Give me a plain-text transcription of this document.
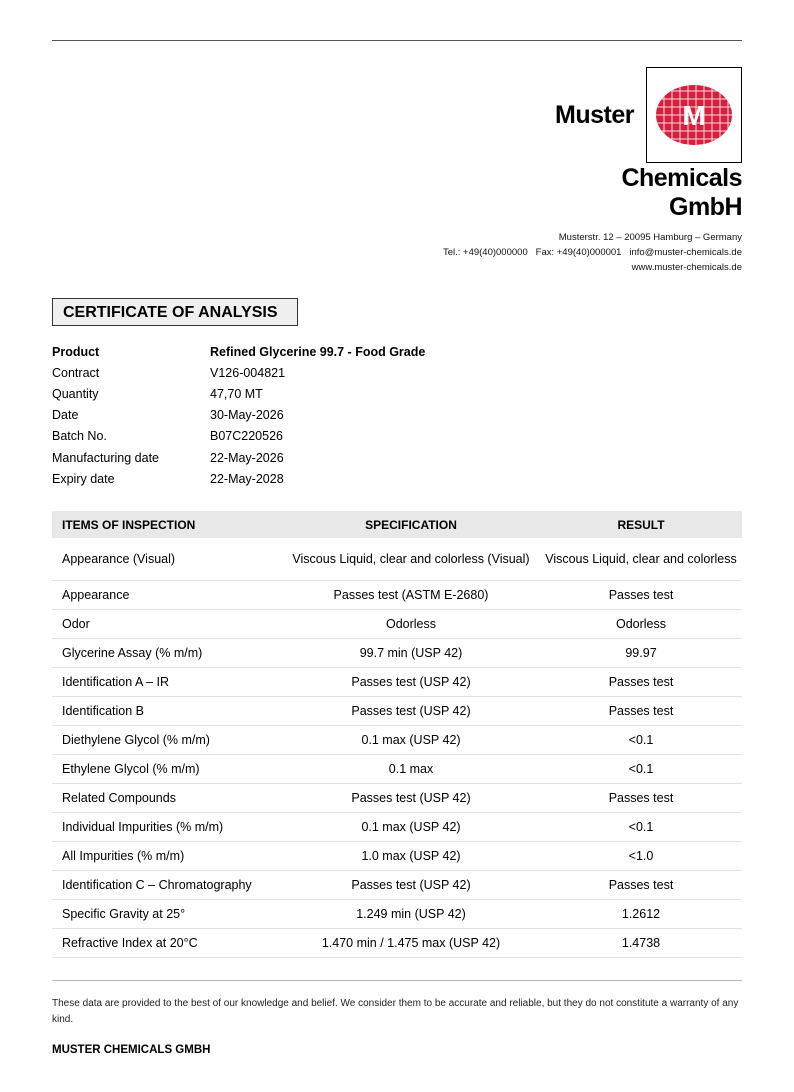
Muster M
Chemicals
GmbH
Musterstr. 12 – 20095 Hamburg – Germany
Tel.: +49(40)000000   Fax: +49(40)000001   info@muster-chemicals.de
www.muster-chemicals.de
CERTIFICATE OF ANALYSIS
Product	Refined Glycerine 99.7 - Food Grade
Contract	V126-004821
Quantity	47,70 MT
Date	30-May-2026
Batch No.	B07C220526
Manufacturing date	22-May-2026
Expiry date	22-May-2028
ITEMS OF INSPECTION	SPECIFICATION	RESULT
Appearance (Visual)	Viscous Liquid, clear and colorless (Visual)	Viscous Liquid, clear and colorless
Appearance	Passes test (ASTM E-2680)	Passes test
Odor	Odorless	Odorless
Glycerine Assay (% m/m)	99.7 min (USP 42)	99.97
Identification A – IR	Passes test (USP 42)	Passes test
Identification B	Passes test (USP 42)	Passes test
Diethylene Glycol (% m/m)	0.1 max (USP 42)	<0.1
Ethylene Glycol (% m/m)	0.1 max	<0.1
Related Compounds	Passes test (USP 42)	Passes test
Individual Impurities (% m/m)	0.1 max (USP 42)	<0.1
All Impurities (% m/m)	1.0 max (USP 42)	<1.0
Identification C – Chromatography	Passes test (USP 42)	Passes test
Specific Gravity at 25°	1.249 min (USP 42)	1.2612
Refractive Index at 20°C	1.470 min / 1.475 max (USP 42)	1.4738
These data are provided to the best of our knowledge and belief. We consider them to be accurate and reliable, but they do not constitute a warranty of any kind.
MUSTER CHEMICALS GMBH
